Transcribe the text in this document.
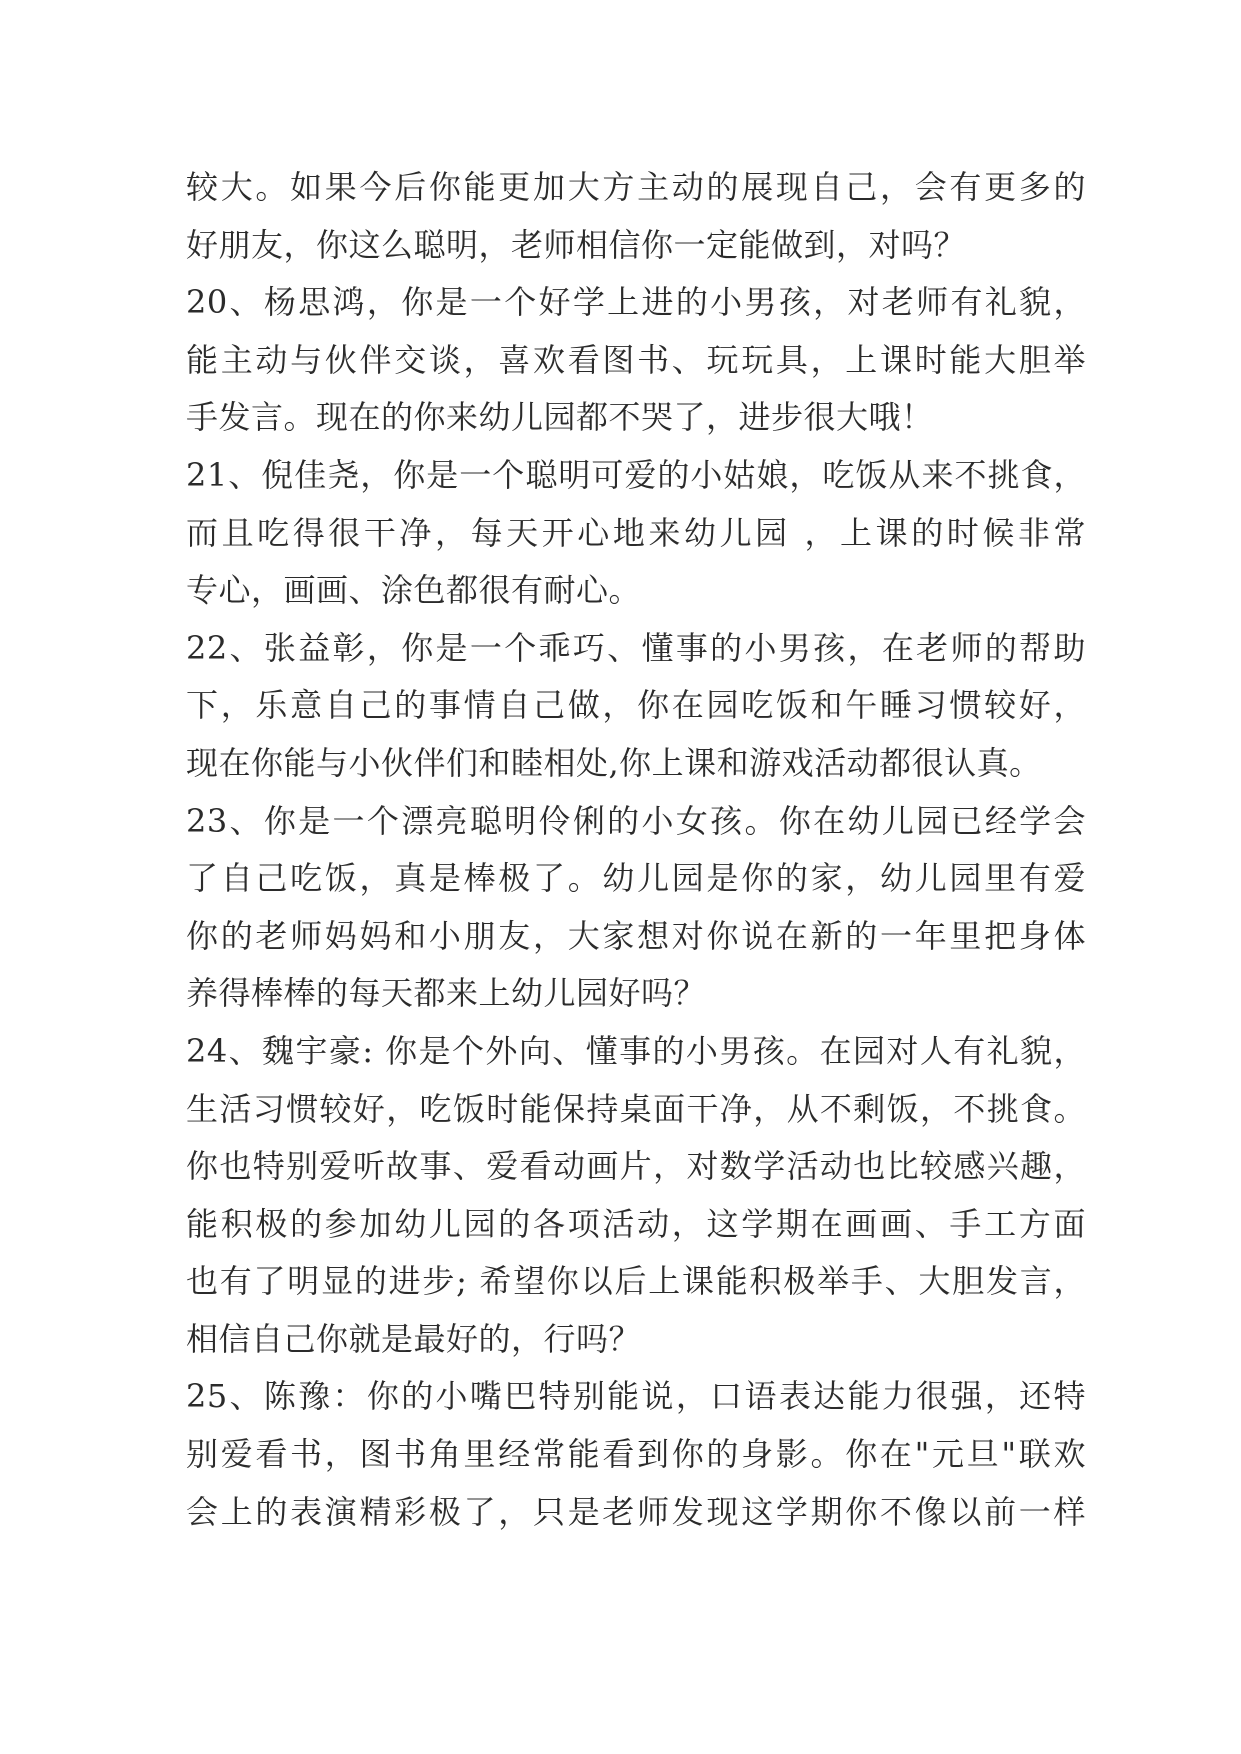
较大。如果今后你能更加大方主动的展现自己，会有更多的
好朋友，你这么聪明，老师相信你一定能做到，对吗？
20、杨思鸿，你是一个好学上进的小男孩，对老师有礼貌，
能主动与伙伴交谈，喜欢看图书、玩玩具，上课时能大胆举
手发言。现在的你来幼儿园都不哭了，进步很大哦！
21、倪佳尧，你是一个聪明可爱的小姑娘，吃饭从来不挑食，
而且吃得很干净，每天开心地来幼儿园 ，上课的时候非常
专心，画画、涂色都很有耐心。
22、张益彰，你是一个乖巧、懂事的小男孩，在老师的帮助
下，乐意自己的事情自己做，你在园吃饭和午睡习惯较好，
现在你能与小伙伴们和睦相处,你上课和游戏活动都很认真。
23、你是一个漂亮聪明伶俐的小女孩。你在幼儿园已经学会
了自己吃饭，真是棒极了。幼儿园是你的家，幼儿园里有爱
你的老师妈妈和小朋友，大家想对你说在新的一年里把身体
养得棒棒的每天都来上幼儿园好吗？
24、魏宇豪: 你是个外向、懂事的小男孩。在园对人有礼貌，
生活习惯较好，吃饭时能保持桌面干净，从不剩饭，不挑食。
你也特别爱听故事、爱看动画片，对数学活动也比较感兴趣，
能积极的参加幼儿园的各项活动，这学期在画画、手工方面
也有了明显的进步; 希望你以后上课能积极举手、大胆发言，
相信自己你就是最好的，行吗？
25、陈豫：你的小嘴巴特别能说，口语表达能力很强，还特
别爱看书，图书角里经常能看到你的身影。你在"元旦"联欢
会上的表演精彩极了，只是老师发现这学期你不像以前一样
